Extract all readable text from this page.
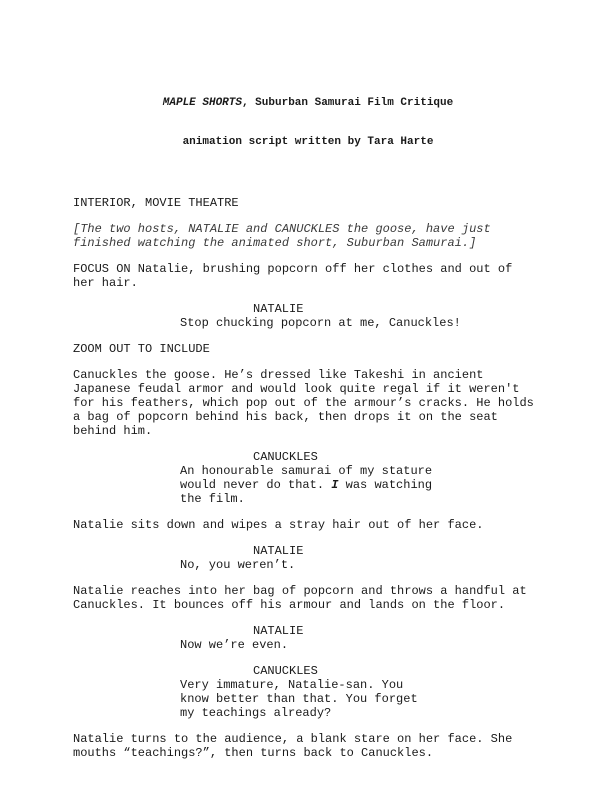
MAPLE SHORTS, Suburban Samurai Film Critique

animation script written by Tara Harte

INTERIOR, MOVIE THEATRE
[The two hosts, NATALIE and CANUCKLES the goose, have just
finished watching the animated short, Suburban Samurai.]
FOCUS ON Natalie, brushing popcorn off her clothes and out of
her hair.
NATALIE
Stop chucking popcorn at me, Canuckles!
ZOOM OUT TO INCLUDE
Canuckles the goose. He’s dressed like Takeshi in ancient
Japanese feudal armor and would look quite regal if it weren't
for his feathers, which pop out of the armour’s cracks. He holds
a bag of popcorn behind his back, then drops it on the seat
behind him.
CANUCKLES
An honourable samurai of my stature
would never do that. I was watching
the film.
Natalie sits down and wipes a stray hair out of her face.
NATALIE
No, you weren’t.
Natalie reaches into her bag of popcorn and throws a handful at
Canuckles. It bounces off his armour and lands on the floor.
NATALIE
Now we’re even.
CANUCKLES
Very immature, Natalie-san. You
know better than that. You forget
my teachings already?
Natalie turns to the audience, a blank stare on her face. She
mouths “teachings?”, then turns back to Canuckles.
